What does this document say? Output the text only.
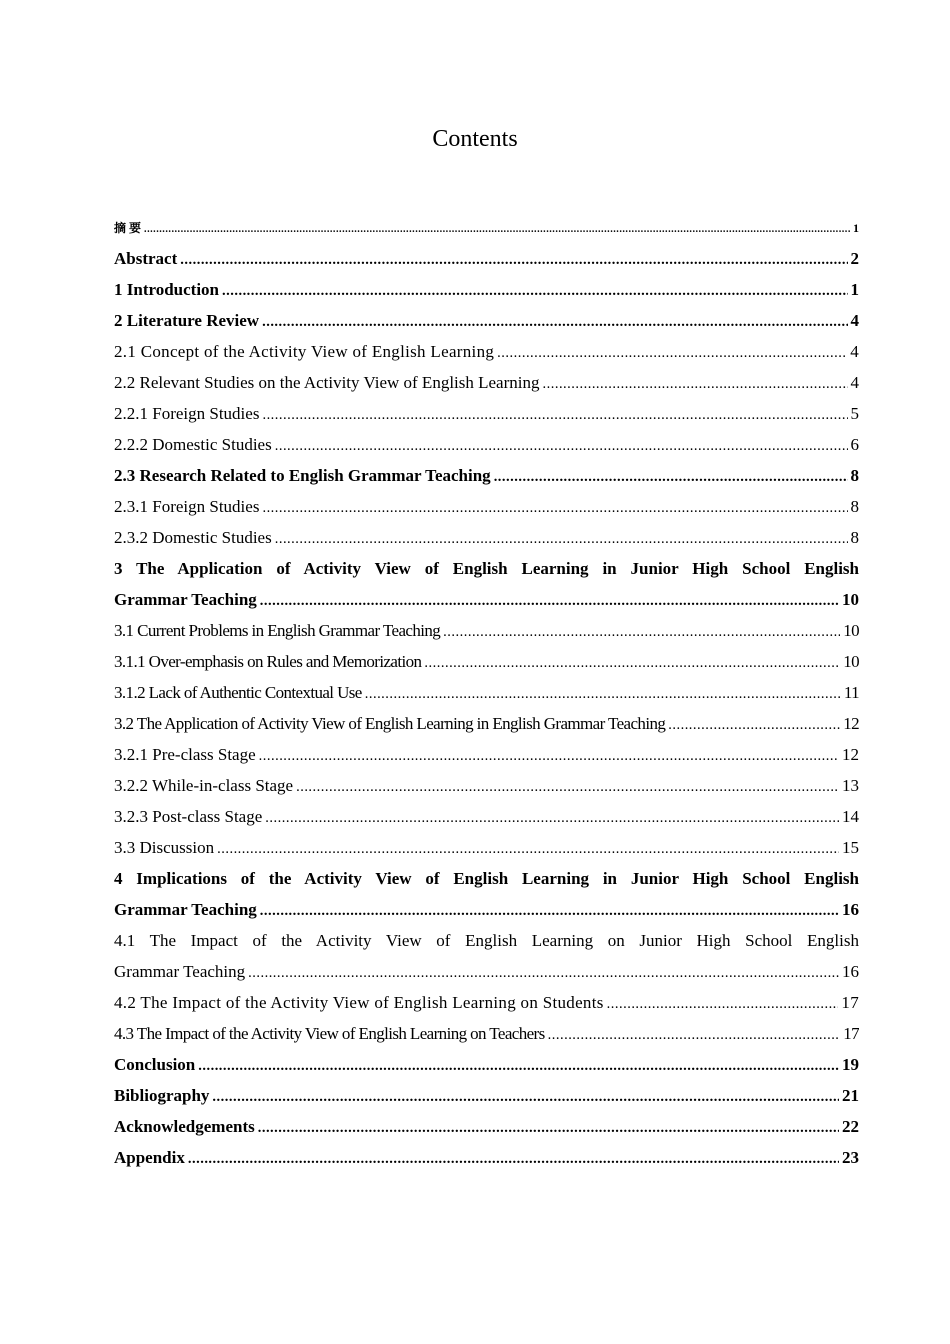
Contents
摘 要 .....	1
Abstract .....	2
1 Introduction .....	1
2 Literature Review .....	4
2.1 Concept of the Activity View of English Learning .....	4
2.2 Relevant Studies on the Activity View of English Learning .....	4
2.2.1 Foreign Studies .....	5
2.2.2 Domestic Studies .....	6
2.3 Research Related to English Grammar Teaching .....	8
2.3.1 Foreign Studies .....	8
2.3.2 Domestic Studies .....	8
3 The Application of Activity View of English Learning in Junior High School English
Grammar Teaching .....	10
3.1 Current Problems in English Grammar Teaching .....	10
3.1.1 Over-emphasis on Rules and Memorization .....	10
3.1.2 Lack of Authentic Contextual Use .....	11
3.2 The Application of Activity View of English Learning in English Grammar Teaching .....	12
3.2.1 Pre-class Stage .....	12
3.2.2 While-in-class Stage .....	13
3.2.3 Post-class Stage .....	14
3.3 Discussion .....	15
4 Implications of the Activity View of English Learning in Junior High School English
Grammar Teaching .....	16
4.1 The Impact of the Activity View of English Learning on Junior High School English
Grammar Teaching .....	16
4.2 The Impact of the Activity View of English Learning on Students .....	17
4.3 The Impact of the Activity View of English Learning on Teachers .....	17
Conclusion .....	19
Bibliography .....	21
Acknowledgements .....	22
Appendix .....	23
